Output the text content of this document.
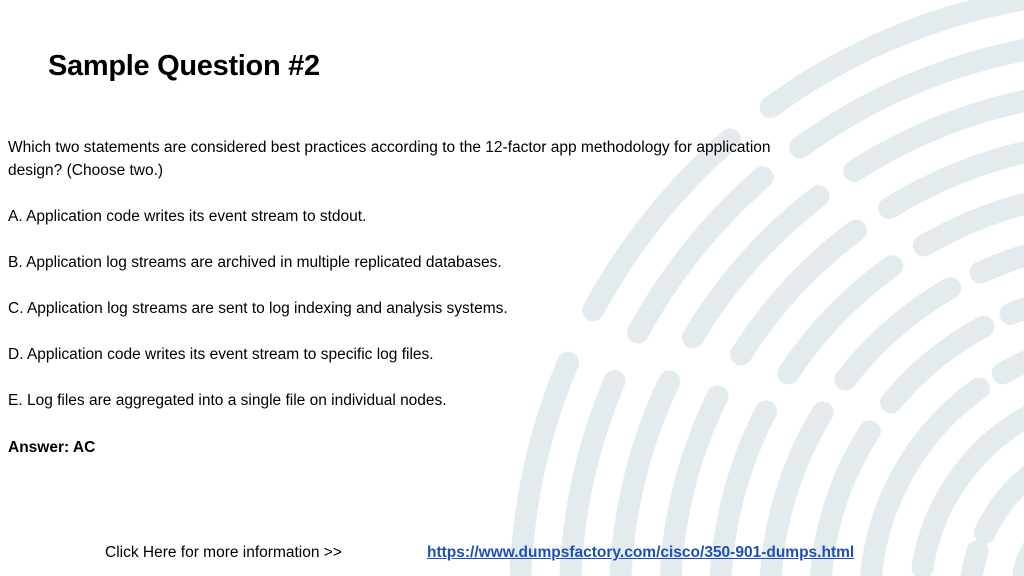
Sample Question #2

Which two statements are considered best practices according to the 12-factor app methodology for application design? (Choose two.)

A. Application code writes its event stream to stdout.
B. Application log streams are archived in multiple replicated databases.
C. Application log streams are sent to log indexing and analysis systems.
D. Application code writes its event stream to specific log files.
E. Log files are aggregated into a single file on individual nodes.
Answer: AC
Click Here for more information >>	https://www.dumpsfactory.com/cisco/350-901-dumps.html
